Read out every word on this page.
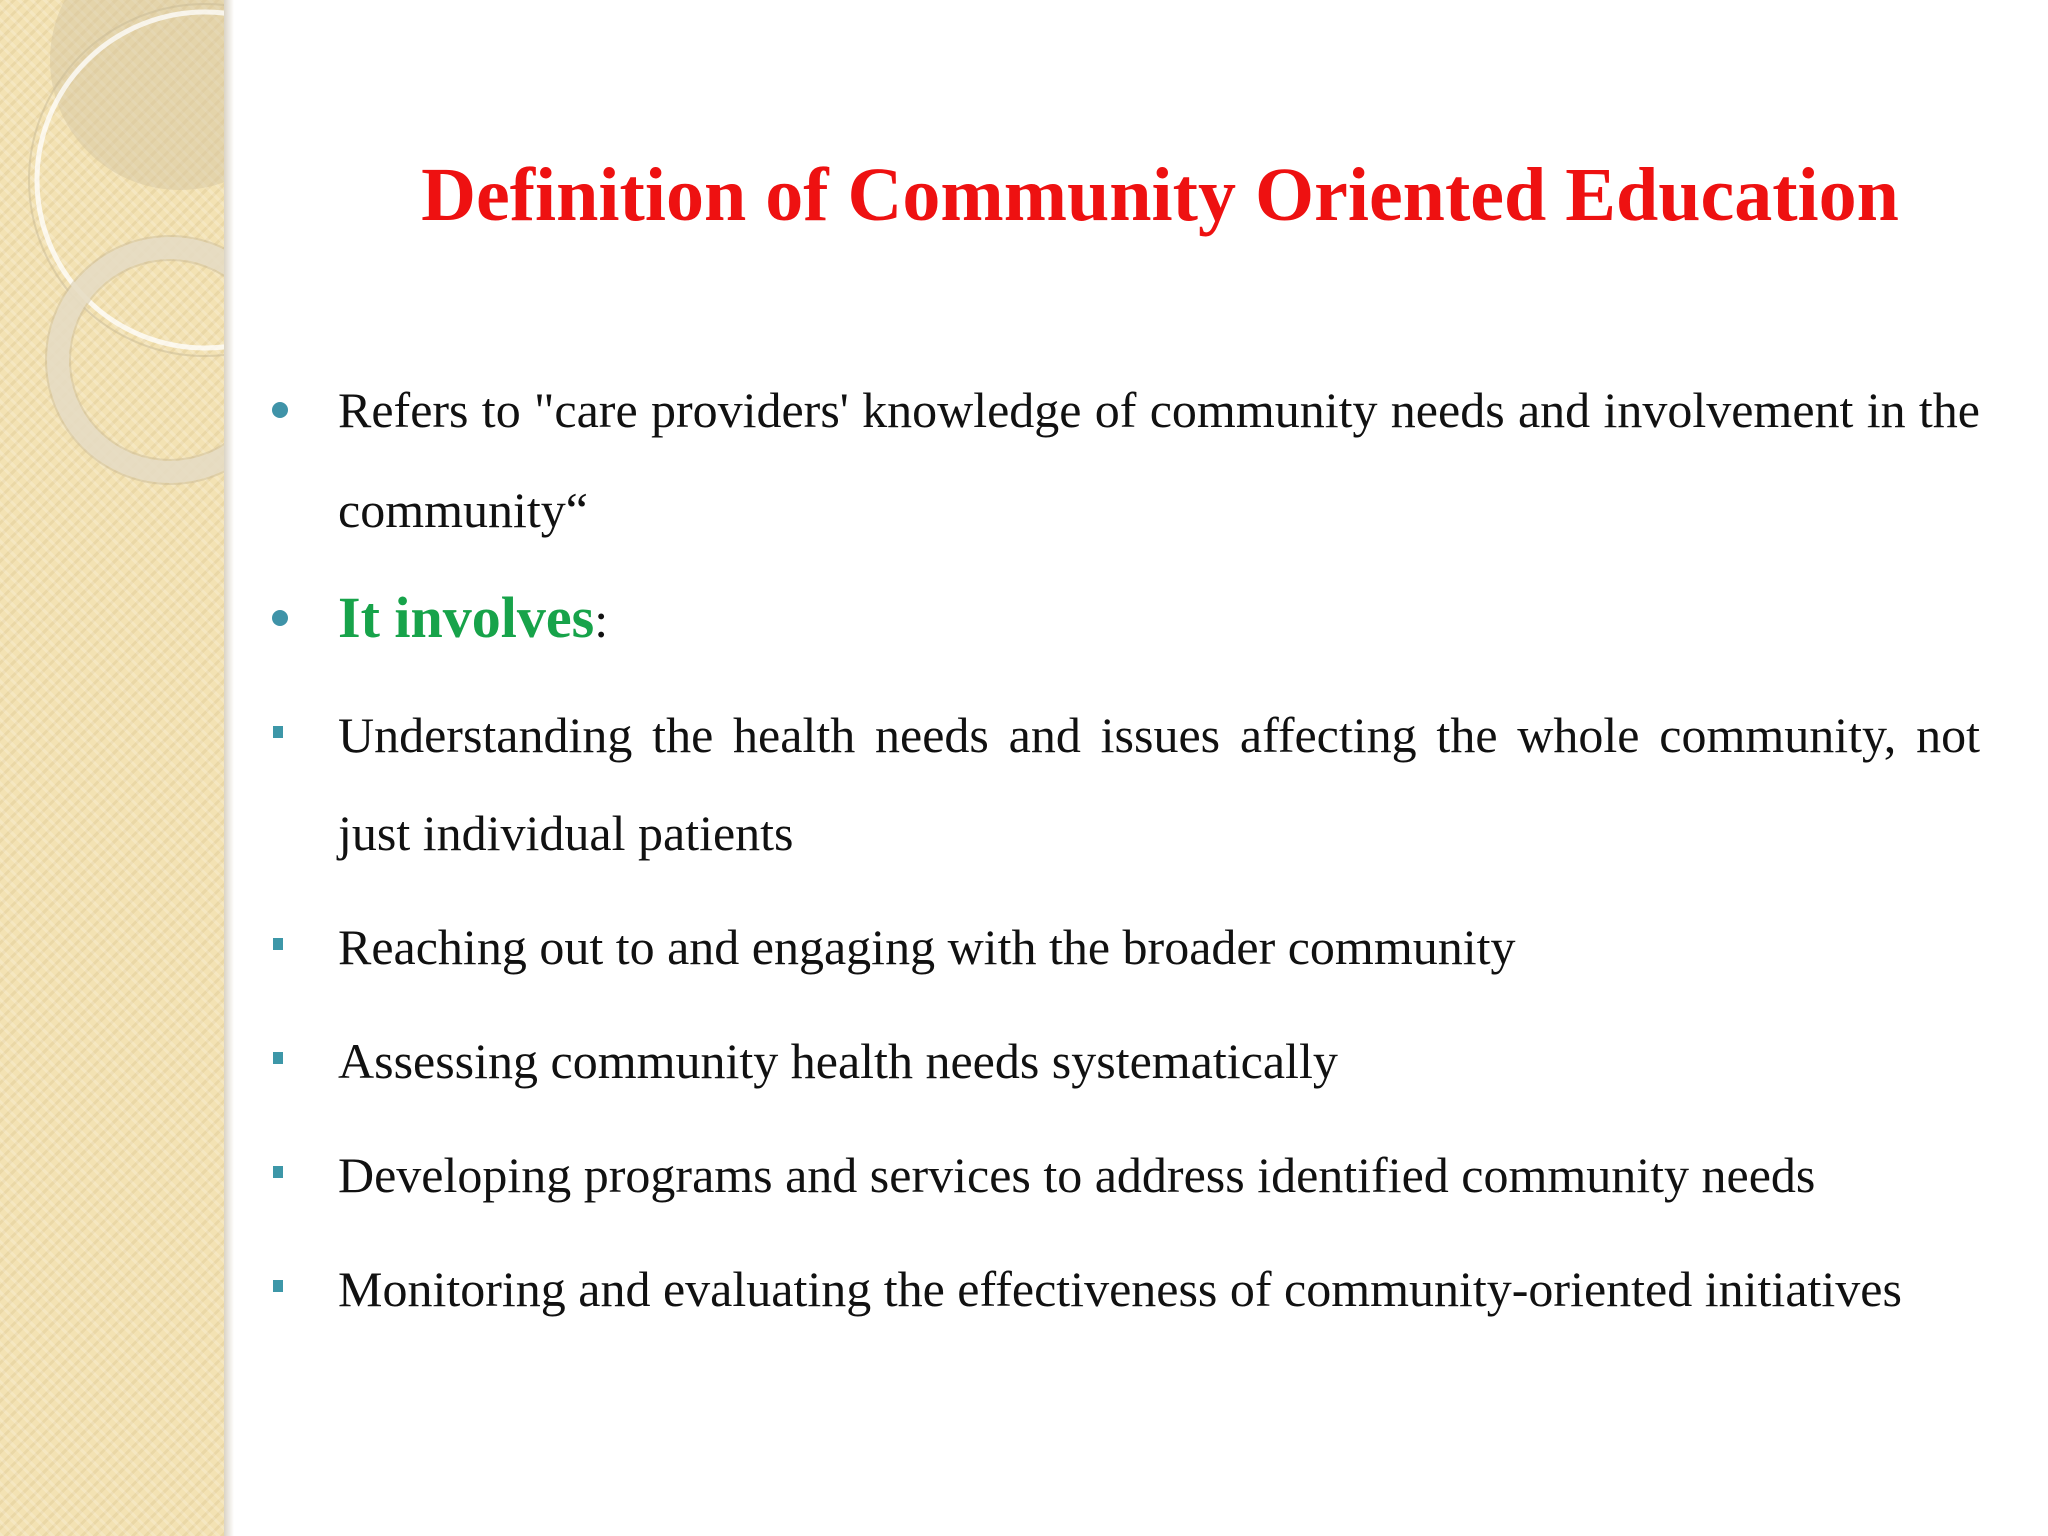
Definition of Community Oriented Education
Refers to "care providers' knowledge of community needs and involvement in the community“
It involves:
Understanding the health needs and issues affecting the whole community, not just individual patients
Reaching out to and engaging with the broader community
Assessing community health needs systematically
Developing programs and services to address identified community needs
Monitoring and evaluating the effectiveness of community-oriented initiatives
